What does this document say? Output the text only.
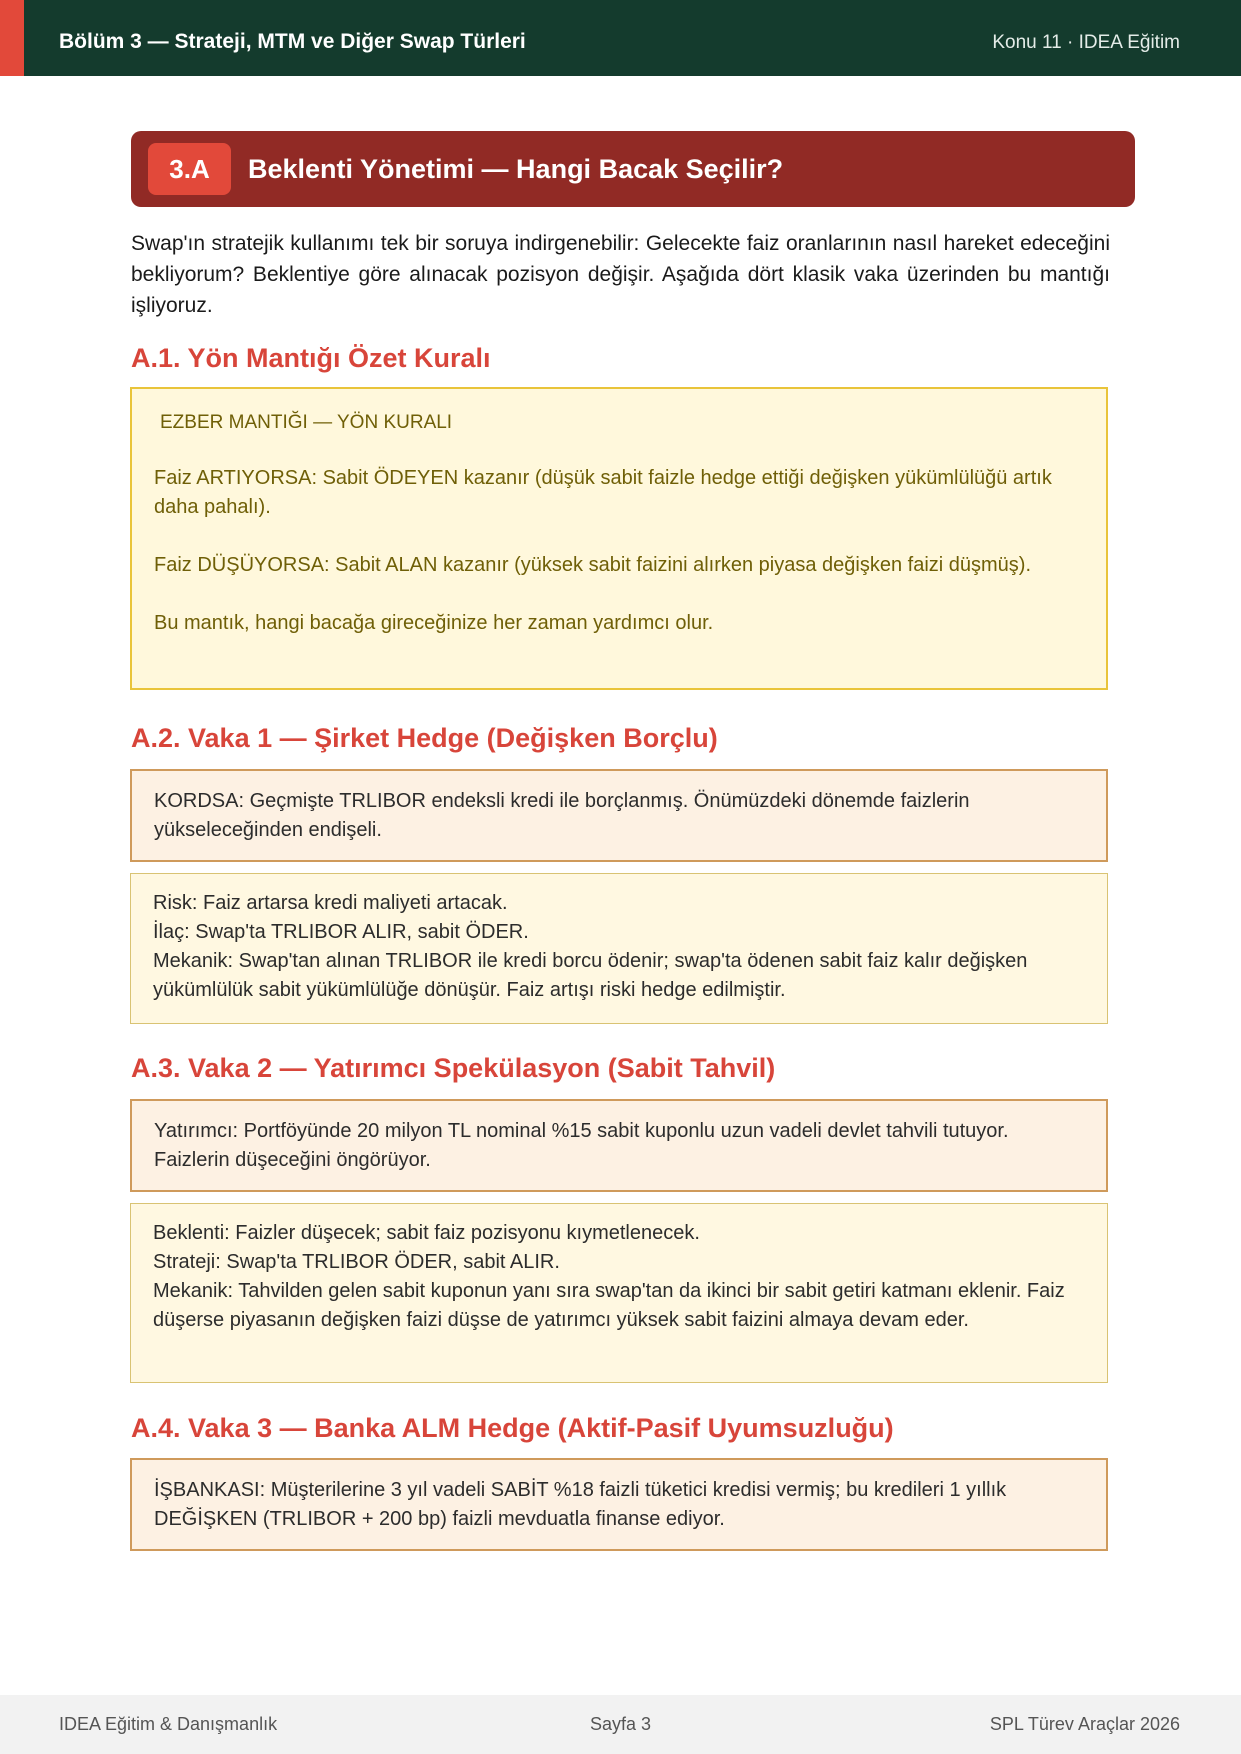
Bölüm 3 — Strateji, MTM ve Diğer Swap Türleri	Konu 11 · IDEA Eğitim
3.A	Beklenti Yönetimi — Hangi Bacak Seçilir?

Swap'ın stratejik kullanımı tek bir soruya indirgenebilir: Gelecekte faiz oranlarının nasıl hareket edeceğini bekliyorum? Beklentiye göre alınacak pozisyon değişir. Aşağıda dört klasik vaka üzerinden bu mantığı işliyoruz.

A.1. Yön Mantığı Özet Kuralı

EZBER MANTIĞI — YÖN KURALI

Faiz ARTIYORSA: Sabit ÖDEYEN kazanır (düşük sabit faizle hedge ettiği değişken yükümlülüğü artık daha pahalı).

Faiz DÜŞÜYORSA: Sabit ALAN kazanır (yüksek sabit faizini alırken piyasa değişken faizi düşmüş).

Bu mantık, hangi bacağa gireceğinize her zaman yardımcı olur.

A.2. Vaka 1 — Şirket Hedge (Değişken Borçlu)

KORDSA: Geçmişte TRLIBOR endeksli kredi ile borçlanmış. Önümüzdeki dönemde faizlerin yükseleceğinden endişeli.

Risk: Faiz artarsa kredi maliyeti artacak.

İlaç: Swap'ta TRLIBOR ALIR, sabit ÖDER.

Mekanik: Swap'tan alınan TRLIBOR ile kredi borcu ödenir; swap'ta ödenen sabit faiz kalır değişken yükümlülük sabit yükümlülüğe dönüşür. Faiz artışı riski hedge edilmiştir.

A.3. Vaka 2 — Yatırımcı Spekülasyon (Sabit Tahvil)

Yatırımcı: Portföyünde 20 milyon TL nominal %15 sabit kuponlu uzun vadeli devlet tahvili tutuyor. Faizlerin düşeceğini öngörüyor.

Beklenti: Faizler düşecek; sabit faiz pozisyonu kıymetlenecek.

Strateji: Swap'ta TRLIBOR ÖDER, sabit ALIR.

Mekanik: Tahvilden gelen sabit kuponun yanı sıra swap'tan da ikinci bir sabit getiri katmanı eklenir. Faiz düşerse piyasanın değişken faizi düşse de yatırımcı yüksek sabit faizini almaya devam eder.

A.4. Vaka 3 — Banka ALM Hedge (Aktif-Pasif Uyumsuzluğu)

İŞBANKASI: Müşterilerine 3 yıl vadeli SABİT %18 faizli tüketici kredisi vermiş; bu kredileri 1 yıllık DEĞİŞKEN (TRLIBOR + 200 bp) faizli mevduatla finanse ediyor.

IDEA Eğitim & Danışmanlık	Sayfa 3	SPL Türev Araçlar 2026
